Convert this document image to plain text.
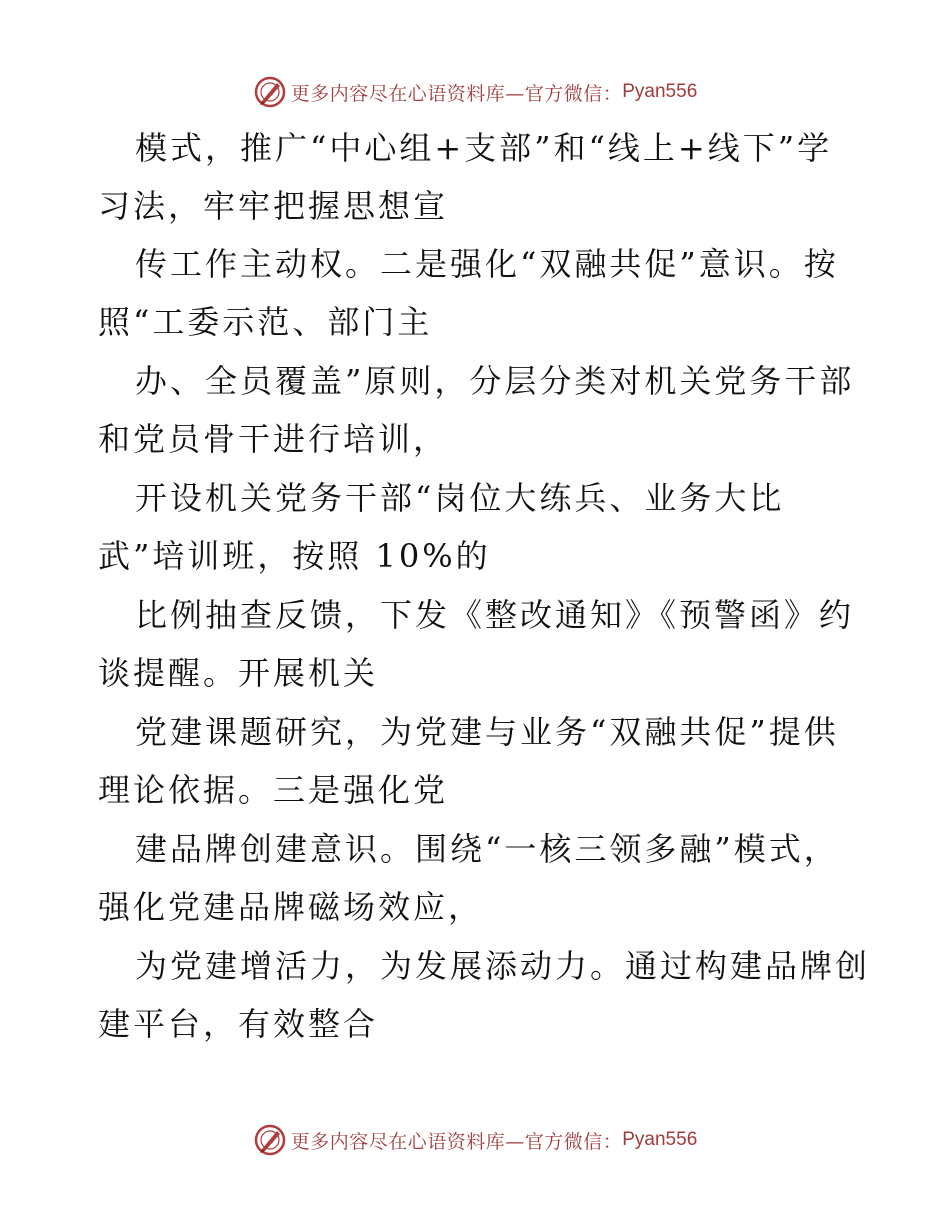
更多内容尽在心语资料库—官方微信： Pyan556
模式，推广“中心组+支部”和“线上+线下”学
习法，牢牢把握思想宣
传工作主动权。二是强化“双融共促”意识。按
照“工委示范、部门主
办、全员覆盖”原则，分层分类对机关党务干部
和党员骨干进行培训，
开设机关党务干部“岗位大练兵、业务大比
武”培训班，按照 10%的
比例抽查反馈，下发《整改通知》《预警函》约
谈提醒。开展机关
党建课题研究，为党建与业务“双融共促”提供
理论依据。三是强化党
建品牌创建意识。围绕“一核三领多融”模式，
强化党建品牌磁场效应，
为党建增活力，为发展添动力。通过构建品牌创
建平台，有效整合
更多内容尽在心语资料库—官方微信： Pyan556
